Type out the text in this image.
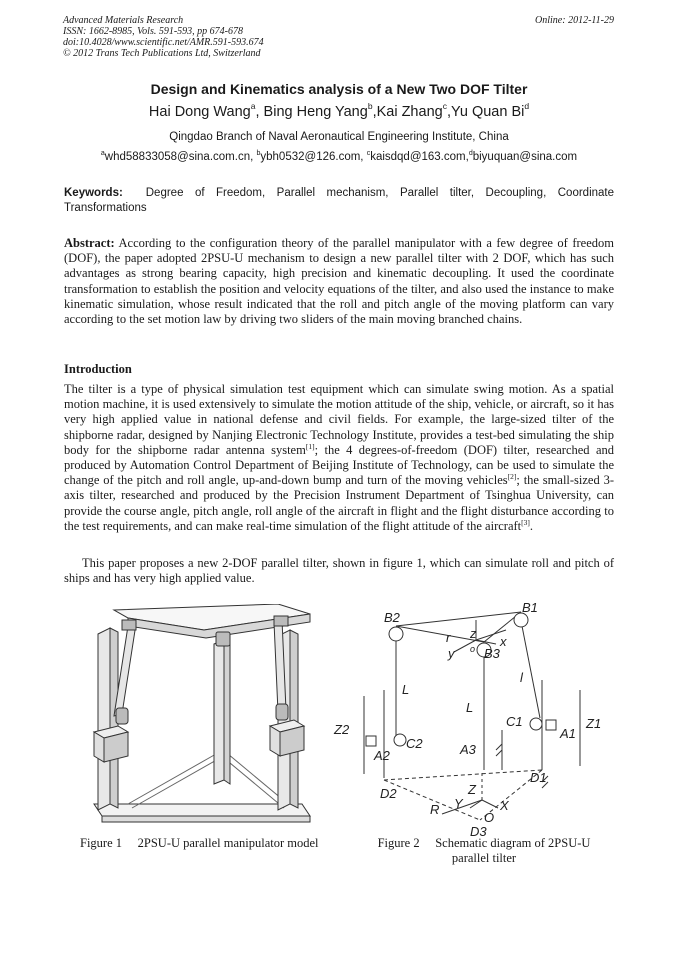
Advanced Materials Research
ISSN: 1662-8985, Vols. 591-593, pp 674-678
doi:10.4028/www.scientific.net/AMR.591-593.674
© 2012 Trans Tech Publications Ltd, Switzerland
Online: 2012-11-29
Design and Kinematics analysis of a New Two DOF Tilter
Hai Dong Wang$^a$, Bing Heng Yang$^b$,Kai Zhang$^c$,Yu Quan Bi$^d$
Qingdao Branch of Naval Aeronautical Engineering Institute, China
$^a$whd58833058@sina.com.cn, $^b$ybh0532@126.com, $^c$kaisdqd@163.com,$^d$biyuquan@sina.com
Keywords: Degree of Freedom, Parallel mechanism, Parallel tilter, Decoupling, Coordinate Transformations
Abstract: According to the configuration theory of the parallel manipulator with a few degree of freedom (DOF), the paper adopted 2PSU-U mechanism to design a new parallel tilter with 2 DOF, which has such advantages as strong bearing capacity, high precision and kinematic decoupling. It used the coordinate transformation to establish the position and velocity equations of the tilter, and also used the instance to make kinematic simulation, whose result indicated that the roll and pitch angle of the moving platform can vary according to the set motion law by driving two sliders of the main moving branched chains.
Introduction
The tilter is a type of physical simulation test equipment which can simulate swing motion. As a spatial motion machine, it is used extensively to simulate the motion attitude of the ship, vehicle, or aircraft, so it has very high applied value in national defense and civil fields. For example, the large-sized tilter of the shipborne radar, designed by Nanjing Electronic Technology Institute, provides a test-bed simulating the ship body for the shipborne radar antenna system[1]; the 4 degrees-of-freedom (DOF) tilter, researched and produced by Automation Control Department of Beijing Institute of Technology, can be used to simulate the change of the pitch and roll angle, up-and-down bump and turn of the moving vehicles[2]; the small-sized 3-axis tilter, researched and produced by the Precision Instrument Department of Tsinghua University, can provide the course angle, pitch angle, roll angle of the aircraft in flight and the flight disturbance according to the test requirements, and can make real-time simulation of the flight attitude of the aircraft[3].
This paper proposes a new 2-DOF parallel tilter, shown in figure 1, which can simulate roll and pitch of ships and has very high applied value.
B2
B1
B3
z
r
y
x
o
L
L
l
Z2	Z1
C2
C1
A2
A1
A3
D2
D1
D3
Z
R Y	X
O
Figure 1     2PSU-U parallel manipulator model	Figure 2     Schematic diagram of 2PSU-U parallel tilter
